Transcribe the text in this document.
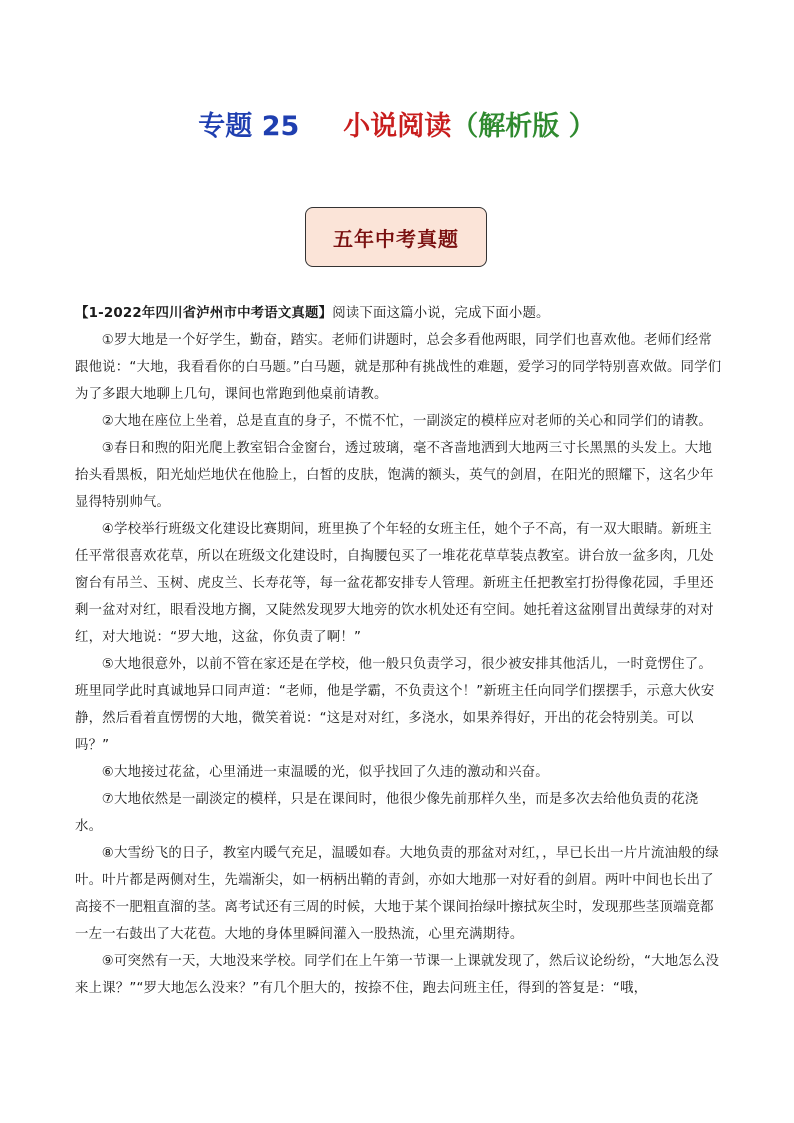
专题 25 小说阅读（解析版 ）
五年中考真题

【1-2022年四川省泸州市中考语文真题】阅读下面这篇小说，完成下面小题。

①罗大地是一个好学生，勤奋，踏实。老师们讲题时，总会多看他两眼，同学们也喜欢他。老师们经常跟他说：“大地，我看看你的白马题。”白马题，就是那种有挑战性的难题，爱学习的同学特别喜欢做。同学们为了多跟大地聊上几句，课间也常跑到他桌前请教。

②大地在座位上坐着，总是直直的身子，不慌不忙，一副淡定的模样应对老师的关心和同学们的请教。

③春日和煦的阳光爬上教室铝合金窗台，透过玻璃，毫不吝啬地洒到大地两三寸长黑黑的头发上。大地抬头看黑板，阳光灿烂地伏在他脸上，白皙的皮肤，饱满的额头，英气的剑眉，在阳光的照耀下，这名少年显得特别帅气。

④学校举行班级文化建设比赛期间，班里换了个年轻的女班主任，她个子不高，有一双大眼睛。新班主任平常很喜欢花草，所以在班级文化建设时，自掏腰包买了一堆花花草草装点教室。讲台放一盆多肉，几处窗台有吊兰、玉树、虎皮兰、长寿花等，每一盆花都安排专人管理。新班主任把教室打扮得像花园，手里还剩一盆对对红，眼看没地方搁，又陡然发现罗大地旁的饮水机处还有空间。她托着这盆刚冒出黄绿芽的对对红，对大地说：“罗大地，这盆，你负责了啊！”

⑤大地很意外，以前不管在家还是在学校，他一般只负责学习，很少被安排其他活儿，一时竟愣住了。班里同学此时真诚地异口同声道：“老师，他是学霸，不负责这个！”新班主任向同学们摆摆手，示意大伙安静，然后看着直愣愣的大地，微笑着说：“这是对对红，多浇水，如果养得好，开出的花会特别美。可以吗？”

⑥大地接过花盆，心里涌进一束温暖的光，似乎找回了久违的激动和兴奋。

⑦大地依然是一副淡定的模样，只是在课间时，他很少像先前那样久坐，而是多次去给他负责的花浇水。

⑧大雪纷飞的日子，教室内暖气充足，温暖如春。大地负责的那盆对对红，，早已长出一片片流油般的绿叶。叶片都是两侧对生，先端渐尖，如一柄柄出鞘的青剑，亦如大地那一对好看的剑眉。两叶中间也长出了高接不一肥粗直溜的茎。离考试还有三周的时候，大地于某个课间抬绿叶擦拭灰尘时，发现那些茎顶端竟都一左一右鼓出了大花苞。大地的身体里瞬间灌入一股热流，心里充满期待。

⑨可突然有一天，大地没来学校。同学们在上午第一节课一上课就发现了，然后议论纷纷，“大地怎么没来上课？”“罗大地怎么没来？”有几个胆大的，按捺不住，跑去问班主任，得到的答复是：“哦，
